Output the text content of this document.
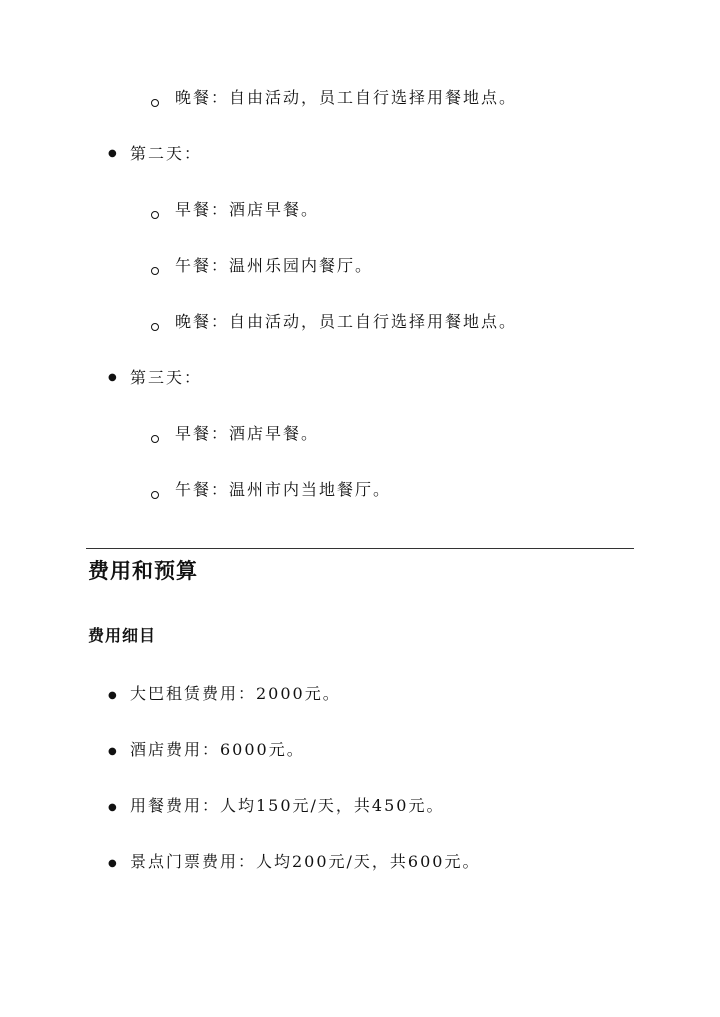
晚餐：自由活动，员工自行选择用餐地点。
● 第二天：
早餐：酒店早餐。
午餐：温州乐园内餐厅。
晚餐：自由活动，员工自行选择用餐地点。
● 第三天：
早餐：酒店早餐。
午餐：温州市内当地餐厅。
费用和预算
费用细目
● 大巴租赁费用：2000元。
● 酒店费用：6000元。
● 用餐费用：人均150元/天，共450元。
● 景点门票费用：人均200元/天，共600元。
